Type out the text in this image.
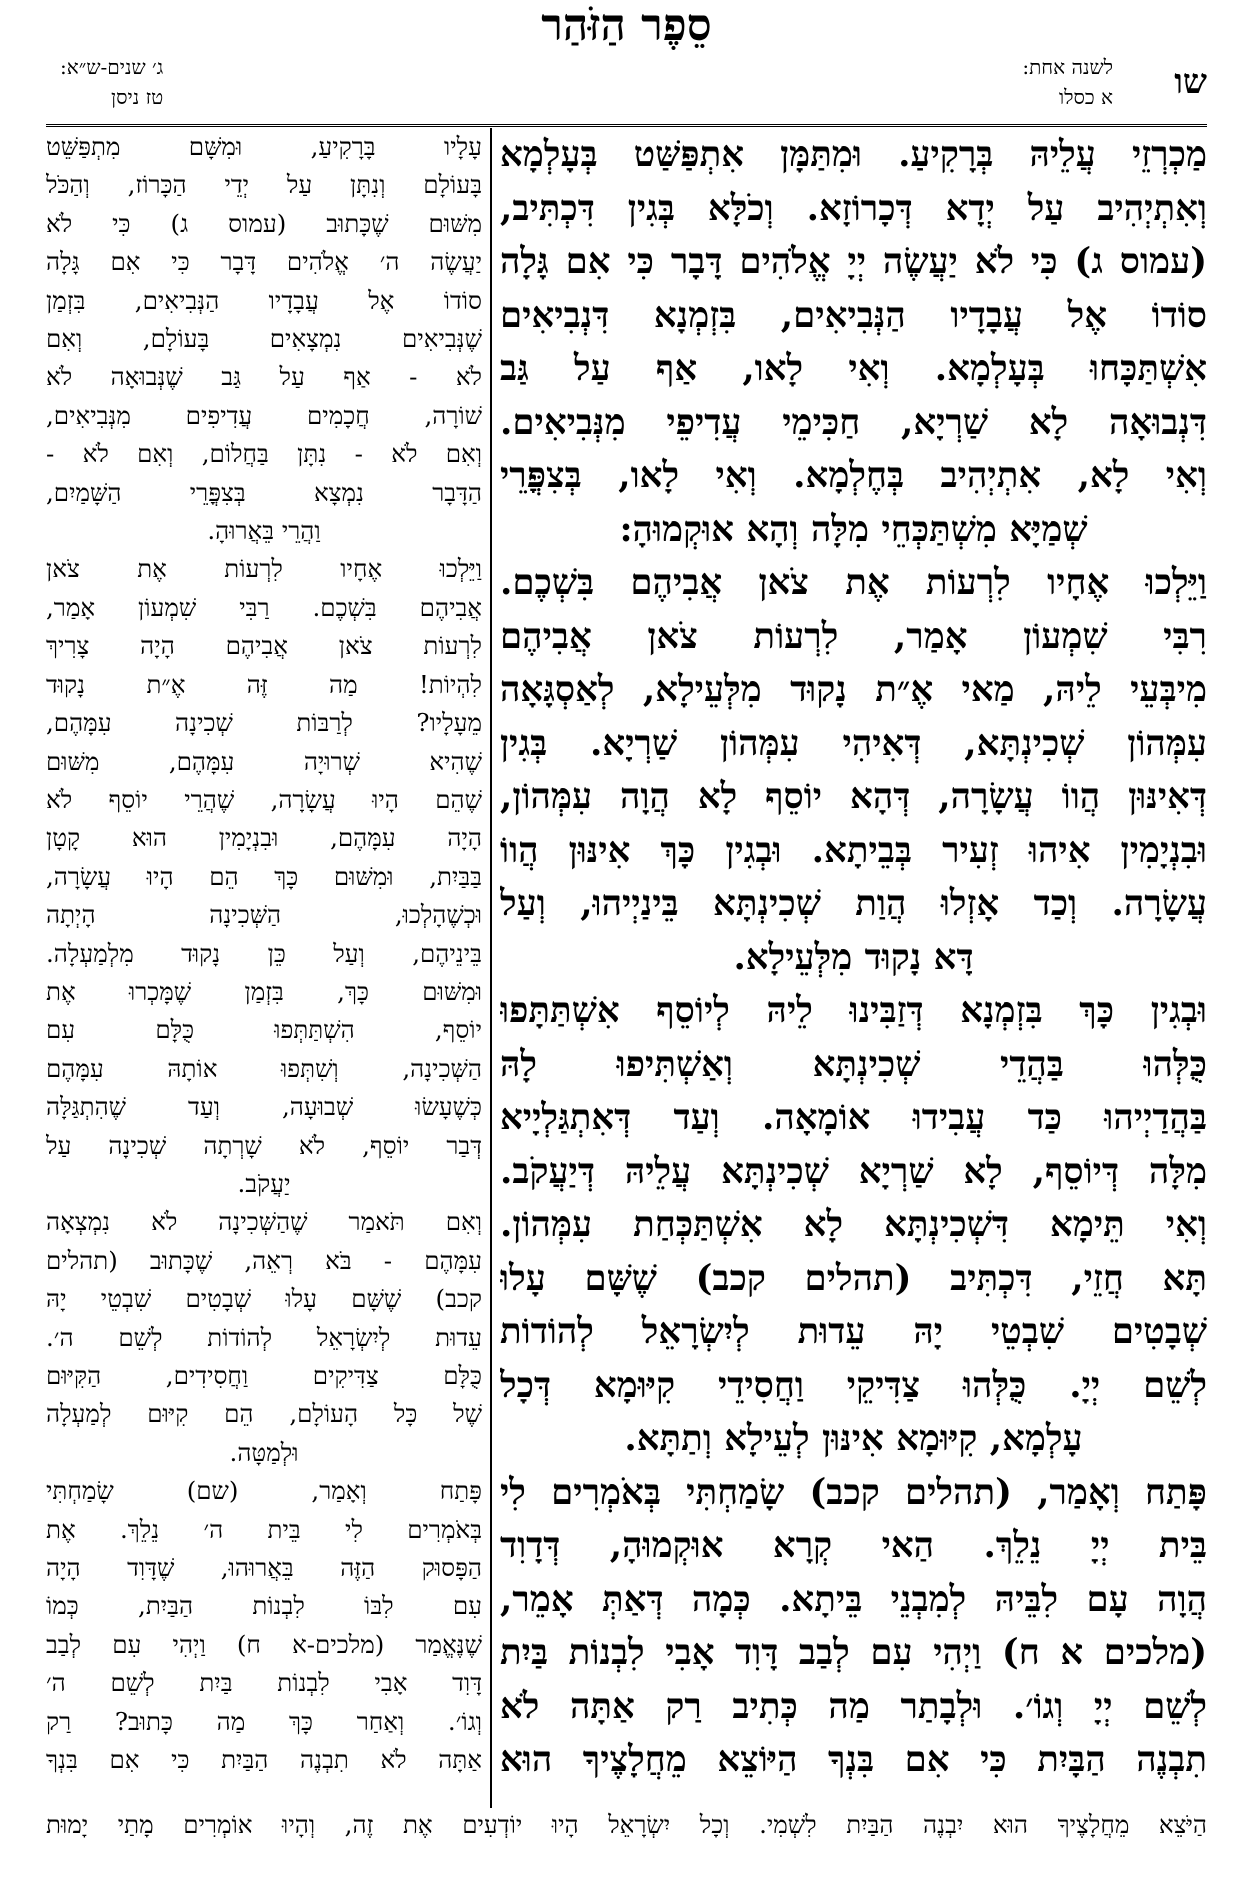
שו
לשנה אחת:
א כסלו
סֵפֶר הַזֹּהַר
ג׳ שנים-ש״א:
טז ניסן
מַכְרְזֵי עֲלֵיהּ בְּרָקִיעַ. וּמִתַּמָּן אִתְפַּשַּׁט בְּעָלְמָא
וְאִתְיְהִיב עַל יְדָא דְּכָרוֹזָא. וְכֹלָּא בְּגִין דִּכְתִּיב,
(עמוס ג) כִּי לֹא יַעֲשֶׂה יְיָ אֱלֹהִים דָּבָר כִּי אִם גָּלָה
סוֹדוֹ אֶל עֲבָדָיו הַנְּבִיאִים, בִּזְמְנָא דִּנְבִיאִים
אִשְׁתַּכָּחוּ בְּעָלְמָא. וְאִי לָאו, אַף עַל גַּב
דִּנְבוּאָה לָא שַׁרְיָא, חַכִּימֵי עֲדִיפֵי מִנְּבִיאִים.
וְאִי לָא, אִתְיְהִיב בְּחֶלְמָא. וְאִי לָאו, בְּצִפֳּרֵי
שְׁמַיָּא מִשְׁתַּכְּחֵי מִלָּה וְהָא אוּקְמוּהָ:
וַיֵּלְכוּ אֶחָיו לִרְעוֹת אֶת צֹאן אֲבִיהֶם בִּשְׁכֶם.
רִבִּי שִׁמְעוֹן אָמַר, לִרְעוֹת צֹאן אֲבִיהֶם
מִיבְּעֵי לֵיהּ, מַאי אֶ״ת נָקוּד מִלְּעֵילָא, לְאַסְגָּאָה
עִמְּהוֹן שְׁכִינְתָּא, דְּאִיהִי עִמְּהוֹן שַׁרְיָא. בְּגִין
דְּאִינּוּן הֲווֹ עֲשָׂרָה, דְּהָא יוֹסֵף לָא הֲוָה עִמְּהוֹן,
וּבִנְיָמִין אִיהוּ זְעִיר בְּבֵיתָא. וּבְגִין כָּךְ אִינּוּן הֲווֹ
עֲשָׂרָה. וְכַד אָזְלוּ הֲוַת שְׁכִינְתָּא בֵּינַיְיהוּ, וְעַל
דָּא נָקוּד מִלְּעֵילָא.
וּבְגִין כָּךְ בִּזְמְנָא דְּזַבִּינוּ לֵיהּ לְיוֹסֵף אִשְׁתַּתָּפוּ
כֻּלְּהוּ בַּהֲדֵי שְׁכִינְתָּא וְאַשְׁתִּיפוּ לָהּ
בַּהֲדַיְיהוּ כַּד עֲבִידוּ אוֹמָאָה. וְעַד דְּאִתְגַּלְיָיא
מִלָּה דְּיוֹסֵף, לָא שַׁרְיָא שְׁכִינְתָּא עֲלֵיהּ דְּיַעֲקֹב.
וְאִי תֵּימָא דִּשְׁכִינְתָּא לָא אִשְׁתַּכְּחַת עִמְּהוֹן.
תָּא חֲזֵי, דִּכְתִּיב (תהלים קכב) שֶׁשָּׁם עָלוּ
שְׁבָטִים שִׁבְטֵי יָהּ עֵדוּת לְיִשְׂרָאֵל לְהוֹדוֹת
לְשֵׁם יְיָ. כֻּלְּהוּ צַדִּיקֵי וַחֲסִידֵי קִיּוּמָא דְּכָל
עָלְמָא, קִיּוּמָא אִינּוּן לְעֵילָא וְתַתָּא.
פָּתַח וְאָמַר, (תהלים קכב) שָׂמַחְתִּי בְּאֹמְרִים לִי
בֵּית יְיָ נֵלֵךְ. הַאי קְרָא אוּקְמוּהָ, דְּדָוִד
הֲוָה עָם לִבֵּיהּ לְמִבְנֵי בֵּיתָא. כְּמָה דְּאַתְּ אָמֵר,
(מלכים א ח) וַיְהִי עִם לְבַב דָּוִד אָבִי לִבְנוֹת בַּיִת
לְשֵׁם יְיָ וְגוֹ׳. וּלְבָתַר מַה כְּתִיב רַק אַתָּה לֹא
תִבְנֶה הַבָּיִת כִּי אִם בִּנְךָ הַיּוֹצֵא מֵחֲלָצֶיךָ הוּא
עָלָיו בָּרָקִיעַ, וּמִשָּׁם מִתְפַּשֵּׁט
בָּעוֹלָם וְנִתָּן עַל יְדֵי הַכָּרוֹז, וְהַכֹּל
מִשּׁוּם שֶׁכָּתוּב (עמוס ג) כִּי לֹא
יַעֲשֶׂה ה׳ אֱלֹהִים דָּבָר כִּי אִם גָּלָה
סוֹדוֹ אֶל עֲבָדָיו הַנְּבִיאִים, בִּזְמַן
שֶׁנְּבִיאִים נִמְצָאִים בָּעוֹלָם, וְאִם
לֹא - אַף עַל גַּב שֶׁנְּבוּאָה לֹא
שׁוֹרָה, חֲכָמִים עֲדִיפִים מִנְּבִיאִים,
וְאִם לֹא - נִתָּן בַּחֲלוֹם, וְאִם לֹא -
הַדָּבָר נִמְצָא בְּצִפֳּרֵי הַשָּׁמַיִם,
וַהֲרֵי בֵּאֲרוּהָ.
וַיֵּלְכוּ אֶחָיו לִרְעוֹת אֶת צֹאן
אֲבִיהֶם בִּשְׁכֶם. רַבִּי שִׁמְעוֹן אָמַר,
לִרְעוֹת צֹאן אֲבִיהֶם הָיָה צָרִיךְ
לִהְיוֹת! מַה זֶּה אֶ״ת נָקוּד
מֵעָלָיו? לְרַבּוֹת שְׁכִינָה עִמָּהֶם,
שֶׁהִיא שְׁרוּיָה עִמָּהֶם, מִשּׁוּם
שֶׁהֵם הָיוּ עֲשָׂרָה, שֶׁהֲרֵי יוֹסֵף לֹא
הָיָה עִמָּהֶם, וּבִנְיָמִין הוּא קָטָן
בַּבַּיִת, וּמִשּׁוּם כָּךְ הֵם הָיוּ עֲשָׂרָה,
וּכְשֶׁהָלְכוּ, הַשְּׁכִינָה הָיְתָה
בֵּינֵיהֶם, וְעַל כֵּן נָקוּד מִלְמַעְלָה.
וּמִשּׁוּם כָּךְ, בִּזְמַן שֶׁמָּכְרוּ אֶת
יוֹסֵף, הִשְׁתַּתְּפוּ כֻּלָּם עִם
הַשְּׁכִינָה, וְשִׁתְּפוּ אוֹתָהּ עִמָּהֶם
כְּשֶׁעָשׂוּ שְׁבוּעָה, וְעַד שֶׁהִתְגַּלָּה
דְּבַר יוֹסֵף, לֹא שָׁרְתָה שְׁכִינָה עַל
יַעֲקֹב.
וְאִם תֹּאמַר שֶׁהַשְּׁכִינָה לֹא נִמְצְאָה
עִמָּהֶם - בֹּא רְאֵה, שֶׁכָּתוּב (תהלים
קכב) שֶׁשָּׁם עָלוּ שְׁבָטִים שִׁבְטֵי יָהּ
עֵדוּת לְיִשְׂרָאֵל לְהוֹדוֹת לְשֵׁם ה׳.
כֻּלָּם צַדִּיקִים וַחֲסִידִים, הַקִּיּוּם
שֶׁל כָּל הָעוֹלָם, הֵם קִיּוּם לְמַעְלָה
וּלְמַטָּה.
פָּתַח וְאָמַר, (שם) שָׂמַחְתִּי
בְּאֹמְרִים לִי בֵּית ה׳ נֵלֵךְ. אֶת
הַפָּסוּק הַזֶּה בֵּאֲרוּהוּ, שֶׁדָּוִד הָיָה
עִם לִבּוֹ לִבְנוֹת הַבַּיִת, כְּמוֹ
שֶׁנֶּאֱמַר (מלכים-א ח) וַיְהִי עִם לְבַב
דָּוִד אָבִי לִבְנוֹת בַּיִת לְשֵׁם ה׳
וְגוֹ׳. וְאַחַר כָּךְ מַה כָּתוּב? רַק
אַתָּה לֹא תִבְנֶה הַבַּיִת כִּי אִם בִּנְךָ
הַיֹּצֵא מֵחֲלָצֶיךָ הוּא יִבְנֶה הַבַּיִת לִשְׁמִי. וְכָל יִשְׂרָאֵל הָיוּ יוֹדְעִים אֶת זֶה, וְהָיוּ אוֹמְרִים מָתַי יָמוּת
